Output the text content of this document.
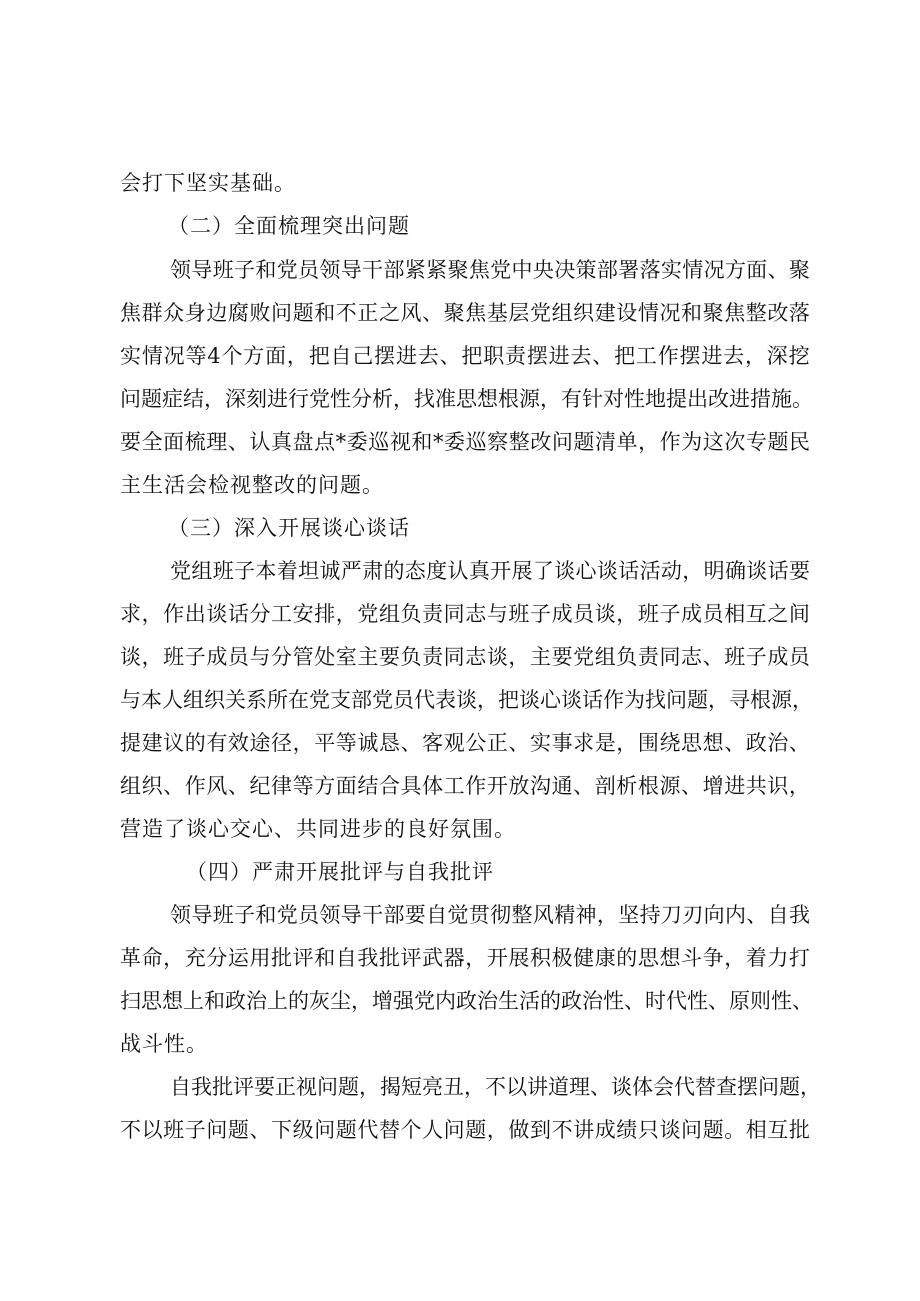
会打下坚实基础。
（二）全面梳理突出问题
领 导 班 子 和 党 员 领 导 干 部 紧 紧 聚 焦 党 中 央 决 策 部 署 落 实 情 况 方 面 、 聚
焦 群 众 身 边 腐 败 问 题 和 不 正 之 风 、 聚 焦 基 层 党 组 织 建 设 情 况 和 聚 焦 整 改 落
实 情 况 等 4 个 方 面 ， 把 自 己 摆 进 去 、 把 职 责 摆 进 去 、 把 工 作 摆 进 去 ， 深 挖
问 题 症 结 ， 深 刻 进 行 党 性 分 析 ， 找 准 思 想 根 源 ， 有 针 对 性 地 提 出 改 进 措 施 。
要 全 面 梳 理 、 认 真 盘 点 * 委 巡 视 和 * 委 巡 察 整 改 问 题 清 单 ， 作 为 这 次 专 题 民
主生活会检视整改的问题。
（三）深入开展谈心谈话
党 组 班 子 本 着 坦 诚 严 肃 的 态 度 认 真 开 展 了 谈 心 谈 话 活 动 ， 明 确 谈 话 要
求 ， 作 出 谈 话 分 工 安 排 ， 党 组 负 责 同 志 与 班 子 成 员 谈 ， 班 子 成 员 相 互 之 间
谈 ， 班 子 成 员 与 分 管 处 室 主 要 负 责 同 志 谈 ， 主 要 党 组 负 责 同 志 、 班 子 成 员
与 本 人 组 织 关 系 所 在 党 支 部 党 员 代 表 谈 ， 把 谈 心 谈 话 作 为 找 问 题 ， 寻 根 源 ，
提 建 议 的 有 效 途 径 ， 平 等 诚 恳 、 客 观 公 正 、 实 事 求 是 ， 围 绕 思 想 、 政 治 、
组 织 、 作 风 、 纪 律 等 方 面 结 合 具 体 工 作 开 放 沟 通 、 剖 析 根 源 、 增 进 共 识 ，
营造了谈心交心、共同进步的良好氛围。
（四）严肃开展批评与自我批评
领 导 班 子 和 党 员 领 导 干 部 要 自 觉 贯 彻 整 风 精 神 ， 坚 持 刀 刃 向 内 、 自 我
革 命 ， 充 分 运 用 批 评 和 自 我 批 评 武 器 ， 开 展 积 极 健 康 的 思 想 斗 争 ， 着 力 打
扫 思 想 上 和 政 治 上 的 灰 尘 ， 增 强 党 内 政 治 生 活 的 政 治 性 、 时 代 性 、 原 则 性 、
战斗性。
自 我 批 评 要 正 视 问 题 ， 揭 短 亮 丑 ， 不 以 讲 道 理 、 谈 体 会 代 替 查 摆 问 题 ，
不 以 班 子 问 题 、 下 级 问 题 代 替 个 人 问 题 ， 做 到 不 讲 成 绩 只 谈 问 题 。 相 互 批
